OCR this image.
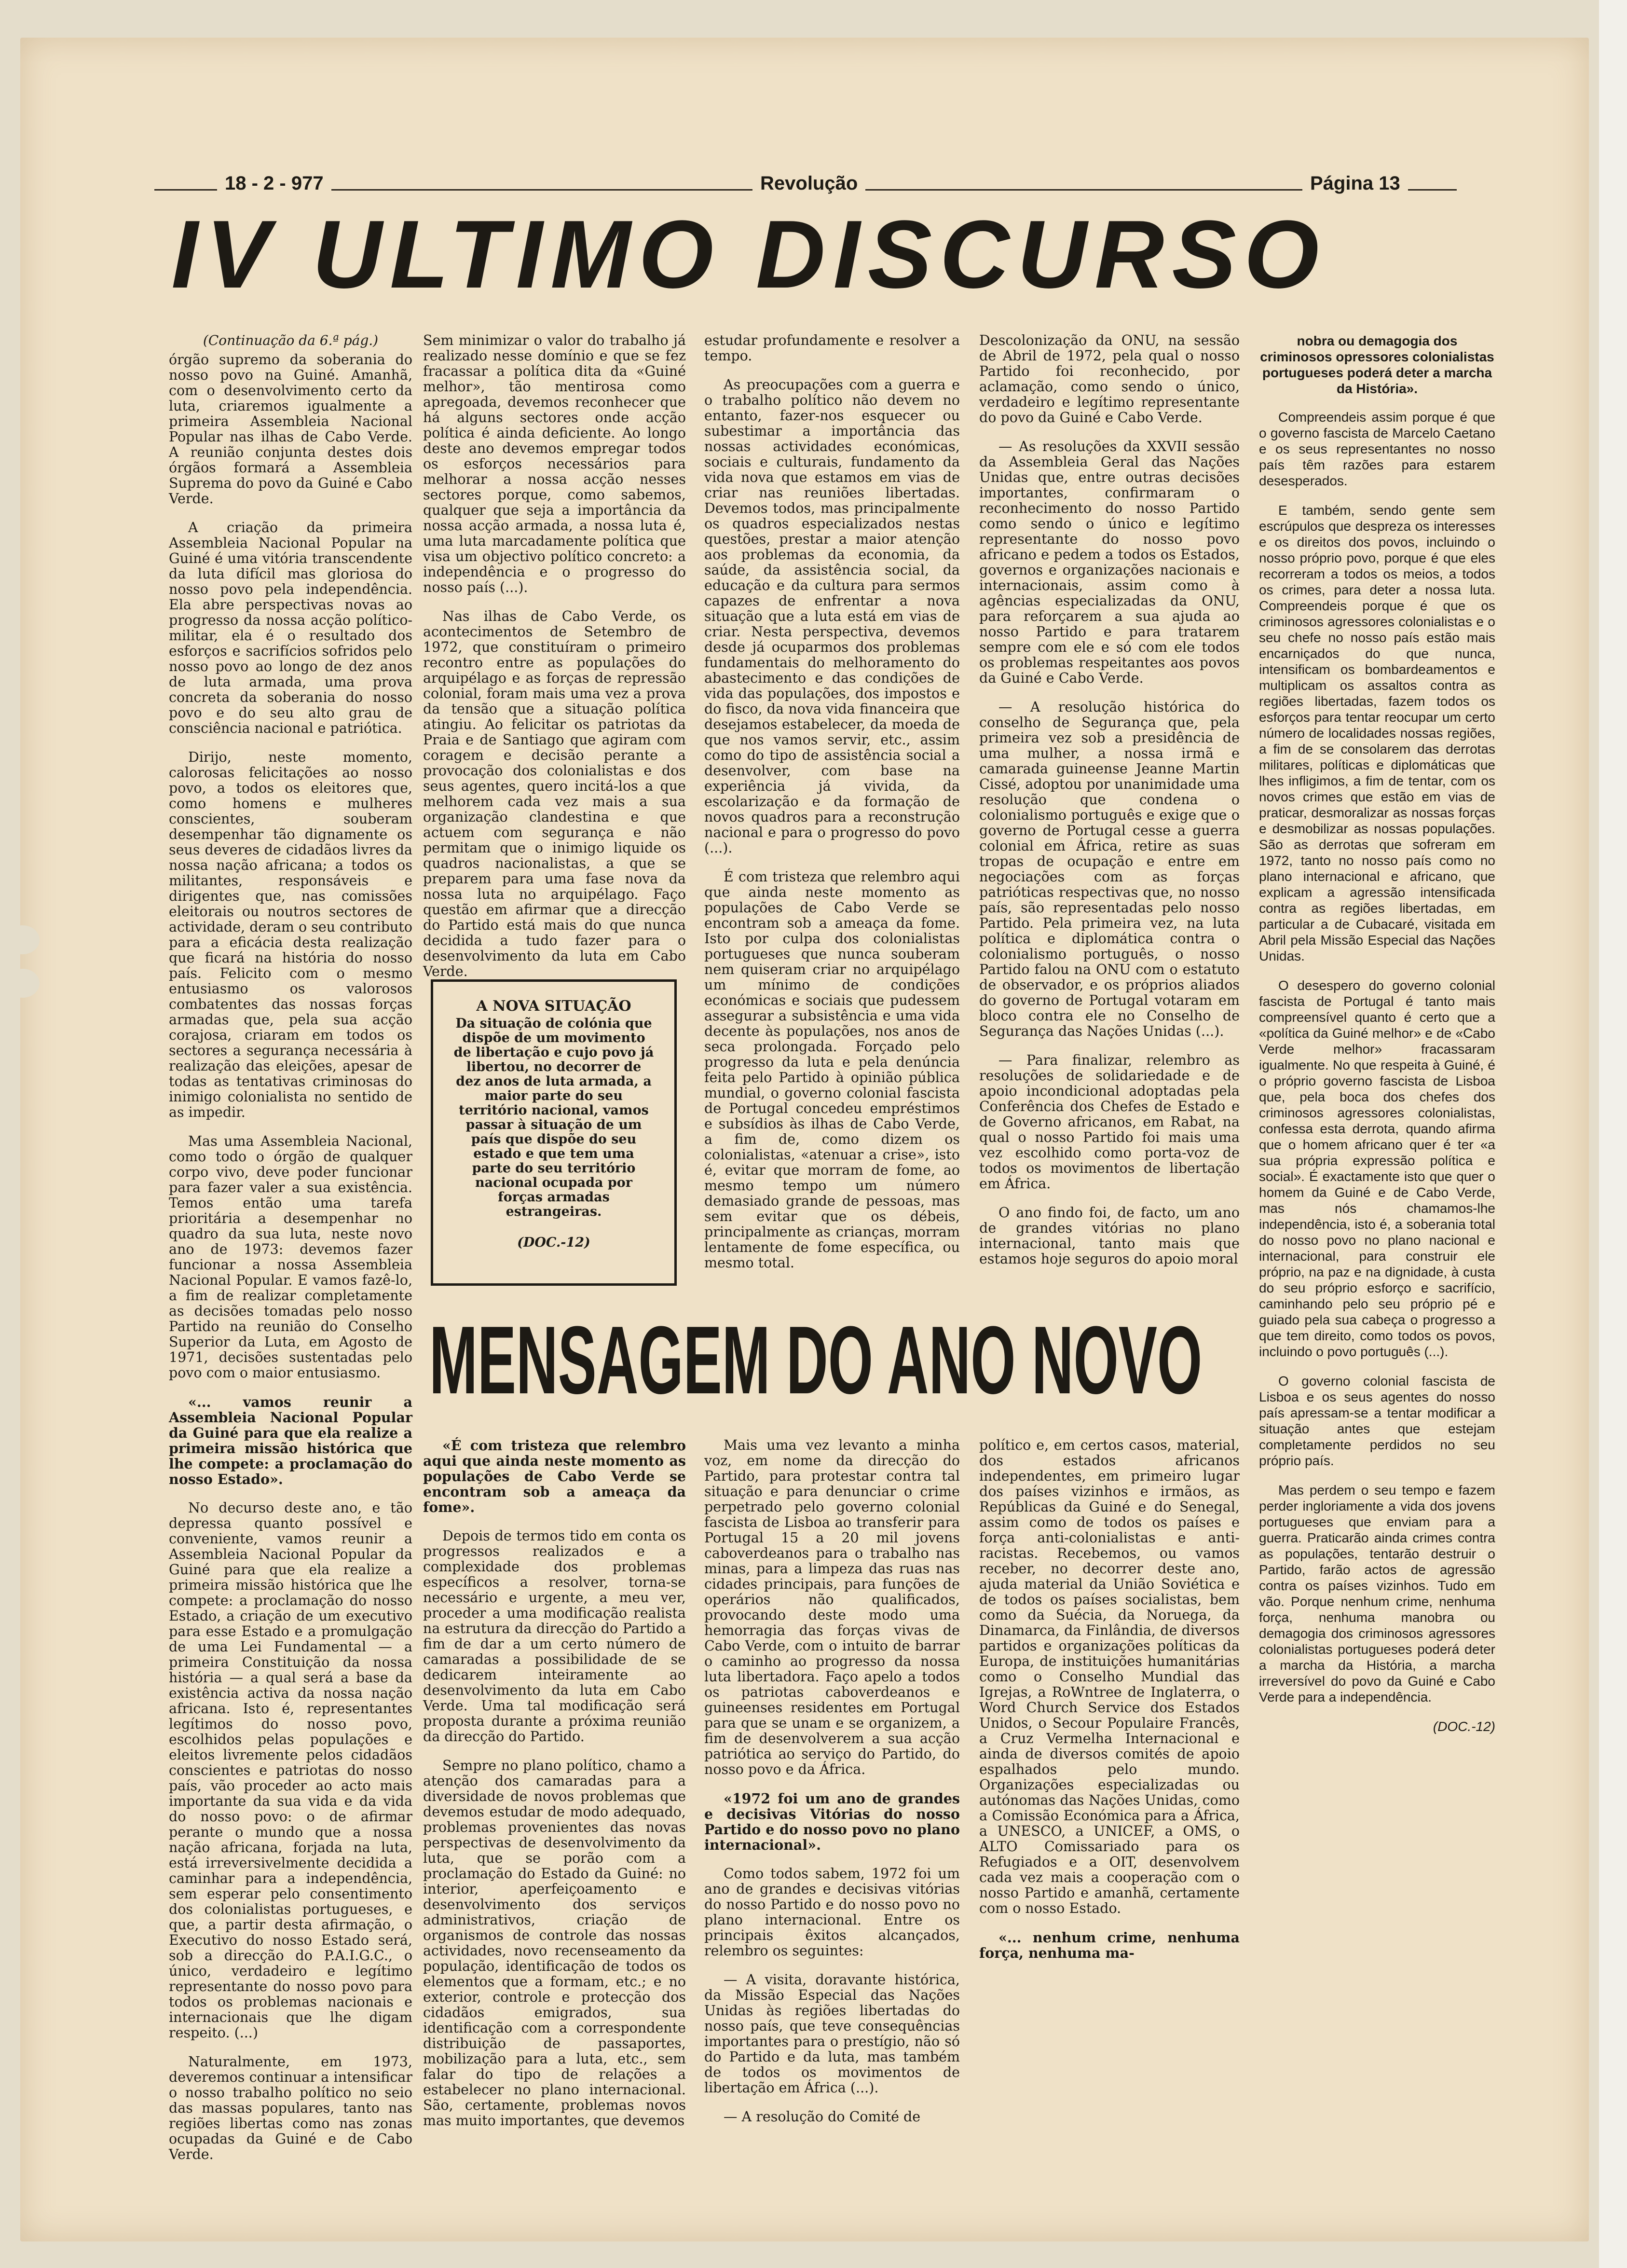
18 - 2 - 977	Revolução	Página 13
IV ULTIMO DISCURSO
(Continuação da 6.ª pág.)

órgão supremo da soberania do nosso povo na Guiné. Amanhã, com o desenvolvimento certo da luta, criaremos igualmente a primeira Assembleia Nacional Popular nas ilhas de Cabo Verde. A reunião conjunta destes dois órgãos formará a Assembleia Suprema do povo da Guiné e Cabo Verde.

A criação da primeira Assembleia Nacional Popular na Guiné é uma vitória transcendente da luta difícil mas gloriosa do nosso povo pela independência. Ela abre perspectivas novas ao progresso da nossa acção político-militar, ela é o resultado dos esforços e sacrifícios sofridos pelo nosso povo ao longo de dez anos de luta armada, uma prova concreta da soberania do nosso povo e do seu alto grau de consciência nacional e patriótica.

Dirijo, neste momento, calorosas felicitações ao nosso povo, a todos os eleitores que, como homens e mulheres conscientes, souberam desempenhar tão dignamente os seus deveres de cidadãos livres da nossa nação africana; a todos os militantes, responsáveis e dirigentes que, nas comissões eleitorais ou noutros sectores de actividade, deram o seu contributo para a eficácia desta realização que ficará na história do nosso país. Felicito com o mesmo entusiasmo os valorosos combatentes das nossas forças armadas que, pela sua acção corajosa, criaram em todos os sectores a segurança necessária à realização das eleições, apesar de todas as tentativas criminosas do inimigo colonialista no sentido de as impedir.

Mas uma Assembleia Nacional, como todo o órgão de qualquer corpo vivo, deve poder funcionar para fazer valer a sua existência. Temos então uma tarefa prioritária a desempenhar no quadro da sua luta, neste novo ano de 1973: devemos fazer funcionar a nossa Assembleia Nacional Popular. E vamos fazê-lo, a fim de realizar completamente as decisões tomadas pelo nosso Partido na reunião do Conselho Superior da Luta, em Agosto de 1971, decisões sustentadas pelo povo com o maior entusiasmo.

«... vamos reunir a Assembleia Nacional Popular da Guiné para que ela realize a primeira missão histórica que lhe compete: a proclamação do nosso Estado».

No decurso deste ano, e tão depressa quanto possível e conveniente, vamos reunir a Assembleia Nacional Popular da Guiné para que ela realize a primeira missão histórica que lhe compete: a proclamação do nosso Estado, a criação de um executivo para esse Estado e a promulgação de uma Lei Fundamental — a primeira Constituição da nossa história — a qual será a base da existência activa da nossa nação africana. Isto é, representantes legítimos do nosso povo, escolhidos pelas populações e eleitos livremente pelos cidadãos conscientes e patriotas do nosso país, vão proceder ao acto mais importante da sua vida e da vida do nosso povo: o de afirmar perante o mundo que a nossa nação africana, forjada na luta, está irreversivelmente decidida a caminhar para a independência, sem esperar pelo consentimento dos colonialistas portugueses, e que, a partir desta afirmação, o Executivo do nosso Estado será, sob a direcção do P.A.I.G.C., o único, verdadeiro e legítimo representante do nosso povo para todos os problemas nacionais e internacionais que lhe digam respeito. (...)

Naturalmente, em 1973, deveremos continuar a intensificar o nosso trabalho político no seio das massas populares, tanto nas regiões libertas como nas zonas ocupadas da Guiné e de Cabo Verde.

Sem minimizar o valor do trabalho já realizado nesse domínio e que se fez fracassar a política dita da «Guiné melhor», tão mentirosa como apregoada, devemos reconhecer que há alguns sectores onde acção política é ainda deficiente. Ao longo deste ano devemos empregar todos os esforços necessários para melhorar a nossa acção nesses sectores porque, como sabemos, qualquer que seja a importância da nossa acção armada, a nossa luta é, uma luta marcadamente política que visa um objectivo político concreto: a independência e o progresso do nosso país (...).

Nas ilhas de Cabo Verde, os acontecimentos de Setembro de 1972, que constituíram o primeiro recontro entre as populações do arquipélago e as forças de repressão colonial, foram mais uma vez a prova da tensão que a situação política atingiu. Ao felicitar os patriotas da Praia e de Santiago que agiram com coragem e decisão perante a provocação dos colonialistas e dos seus agentes, quero incitá-los a que melhorem cada vez mais a sua organização clandestina e que actuem com segurança e não permitam que o inimigo liquide os quadros nacionalistas, a que se preparem para uma fase nova da nossa luta no arquipélago. Faço questão em afirmar que a direcção do Partido está mais do que nunca decidida a tudo fazer para o desenvolvimento da luta em Cabo Verde.

A NOVA SITUAÇÃO

Da situação de colónia que dispõe de um movimento de libertação e cujo povo já libertou, no decorrer de dez anos de luta armada, a maior parte do seu território nacional, vamos passar à situação de um país que dispõe do seu estado e que tem uma parte do seu território nacional ocupada por forças armadas estrangeiras.

(DOC.-12)

estudar profundamente e resolver a tempo.

As preocupações com a guerra e o trabalho político não devem no entanto, fazer-nos esquecer ou subestimar a importância das nossas actividades económicas, sociais e culturais, fundamento da vida nova que estamos em vias de criar nas reuniões libertadas. Devemos todos, mas principalmente os quadros especializados nestas questões, prestar a maior atenção aos problemas da economia, da saúde, da assistência social, da educação e da cultura para sermos capazes de enfrentar a nova situação que a luta está em vias de criar. Nesta perspectiva, devemos desde já ocuparmos dos problemas fundamentais do melhoramento do abastecimento e das condições de vida das populações, dos impostos e do fisco, da nova vida financeira que desejamos estabelecer, da moeda de que nos vamos servir, etc., assim como do tipo de assistência social a desenvolver, com base na experiência já vivida, da escolarização e da formação de novos quadros para a reconstrução nacional e para o progresso do povo (...).

É com tristeza que relembro aqui que ainda neste momento as populações de Cabo Verde se encontram sob a ameaça da fome. Isto por culpa dos colonialistas portugueses que nunca souberam nem quiseram criar no arquipélago um mínimo de condições económicas e sociais que pudessem assegurar a subsistência e uma vida decente às populações, nos anos de seca prolongada. Forçado pelo progresso da luta e pela denúncia feita pelo Partido à opinião pública mundial, o governo colonial fascista de Portugal concedeu empréstimos e subsídios às ilhas de Cabo Verde, a fim de, como dizem os colonialistas, «atenuar a crise», isto é, evitar que morram de fome, ao mesmo tempo um número demasiado grande de pessoas, mas sem evitar que os débeis, principalmente as crianças, morram lentamente de fome específica, ou mesmo total.

Descolonização da ONU, na sessão de Abril de 1972, pela qual o nosso Partido foi reconhecido, por aclamação, como sendo o único, verdadeiro e legítimo representante do povo da Guiné e Cabo Verde.

— As resoluções da XXVII sessão da Assembleia Geral das Nações Unidas que, entre outras decisões importantes, confirmaram o reconhecimento do nosso Partido como sendo o único e legítimo representante do nosso povo africano e pedem a todos os Estados, governos e organizações nacionais e internacionais, assim como à agências especializadas da ONU, para reforçarem a sua ajuda ao nosso Partido e para tratarem sempre com ele e só com ele todos os problemas respeitantes aos povos da Guiné e Cabo Verde.

— A resolução histórica do conselho de Segurança que, pela primeira vez sob a presidência de uma mulher, a nossa irmã e camarada guineense Jeanne Martin Cissé, adoptou por unanimidade uma resolução que condena o colonialismo português e exige que o governo de Portugal cesse a guerra colonial em África, retire as suas tropas de ocupação e entre em negociações com as forças patrióticas respectivas que, no nosso país, são representadas pelo nosso Partido. Pela primeira vez, na luta política e diplomática contra o colonialismo português, o nosso Partido falou na ONU com o estatuto de observador, e os próprios aliados do governo de Portugal votaram em bloco contra ele no Conselho de Segurança das Nações Unidas (...).

— Para finalizar, relembro as resoluções de solidariedade e de apoio incondicional adoptadas pela Conferência dos Chefes de Estado e de Governo africanos, em Rabat, na qual o nosso Partido foi mais uma vez escolhido como porta-voz de todos os movimentos de libertação em África.

O ano findo foi, de facto, um ano de grandes vitórias no plano internacional, tanto mais que estamos hoje seguros do apoio moral

MENSAGEM DO ANO NOVO

«É com tristeza que relembro aqui que ainda neste momento as populações de Cabo Verde se encontram sob a ameaça da fome».

Depois de termos tido em conta os progressos realizados e a complexidade dos problemas específicos a resolver, torna-se necessário e urgente, a meu ver, proceder a uma modificação realista na estrutura da direcção do Partido a fim de dar a um certo número de camaradas a possibilidade de se dedicarem inteiramente ao desenvolvimento da luta em Cabo Verde. Uma tal modificação será proposta durante a próxima reunião da direcção do Partido.

Sempre no plano político, chamo a atenção dos camaradas para a diversidade de novos problemas que devemos estudar de modo adequado, problemas provenientes das novas perspectivas de desenvolvimento da luta, que se porão com a proclamação do Estado da Guiné: no interior, aperfeiçoamento e desenvolvimento dos serviços administrativos, criação de organismos de controle das nossas actividades, novo recenseamento da população, identificação de todos os elementos que a formam, etc.; e no exterior, controle e protecção dos cidadãos emigrados, sua identificação com a correspondente distribuição de passaportes, mobilização para a luta, etc., sem falar do tipo de relações a estabelecer no plano internacional. São, certamente, problemas novos mas muito importantes, que devemos

Mais uma vez levanto a minha voz, em nome da direcção do Partido, para protestar contra tal situação e para denunciar o crime perpetrado pelo governo colonial fascista de Lisboa ao transferir para Portugal 15 a 20 mil jovens caboverdeanos para o trabalho nas minas, para a limpeza das ruas nas cidades principais, para funções de operários não qualificados, provocando deste modo uma hemorragia das forças vivas de Cabo Verde, com o intuito de barrar o caminho ao progresso da nossa luta libertadora. Faço apelo a todos os patriotas caboverdeanos e guineenses residentes em Portugal para que se unam e se organizem, a fim de desenvolverem a sua acção patriótica ao serviço do Partido, do nosso povo e da África.

«1972 foi um ano de grandes e decisivas Vitórias do nosso Partido e do nosso povo no plano internacional».

Como todos sabem, 1972 foi um ano de grandes e decisivas vitórias do nosso Partido e do nosso povo no plano internacional. Entre os principais êxitos alcançados, relembro os seguintes:

— A visita, doravante histórica, da Missão Especial das Nações Unidas às regiões libertadas do nosso país, que teve consequências importantes para o prestígio, não só do Partido e da luta, mas também de todos os movimentos de libertação em África (...).

— A resolução do Comité de

político e, em certos casos, material, dos estados africanos independentes, em primeiro lugar dos países vizinhos e irmãos, as Repúblicas da Guiné e do Senegal, assim como de todos os países e força anti-colonialistas e anti-racistas. Recebemos, ou vamos receber, no decorrer deste ano, ajuda material da União Soviética e de todos os países socialistas, bem como da Suécia, da Noruega, da Dinamarca, da Finlândia, de diversos partidos e organizações políticas da Europa, de instituições humanitárias como o Conselho Mundial das Igrejas, a RoWntree de Inglaterra, o Word Church Service dos Estados Unidos, o Secour Populaire Francês, a Cruz Vermelha Internacional e ainda de diversos comités de apoio espalhados pelo mundo. Organizações especializadas ou autónomas das Nações Unidas, como a Comissão Económica para a África, a UNESCO, a UNICEF, a OMS, o ALTO Comissariado para os Refugiados e a OIT, desenvolvem cada vez mais a cooperação com o nosso Partido e amanhã, certamente com o nosso Estado.

«... nenhum crime, nenhuma força, nenhuma ma-

nobra ou demagogia dos criminosos opressores colonialistas portugueses poderá deter a marcha da História».

Compreendeis assim porque é que o governo fascista de Marcelo Caetano e os seus representantes no nosso país têm razões para estarem desesperados.

E também, sendo gente sem escrúpulos que despreza os interesses e os direitos dos povos, incluindo o nosso próprio povo, porque é que eles recorreram a todos os meios, a todos os crimes, para deter a nossa luta. Compreendeis porque é que os criminosos agressores colonialistas e o seu chefe no nosso país estão mais encarniçados do que nunca, intensificam os bombardeamentos e multiplicam os assaltos contra as regiões libertadas, fazem todos os esforços para tentar reocupar um certo número de localidades nossas regiões, a fim de se consolarem das derrotas militares, políticas e diplomáticas que lhes infligimos, a fim de tentar, com os novos crimes que estão em vias de praticar, desmoralizar as nossas forças e desmobilizar as nossas populações. São as derrotas que sofreram em 1972, tanto no nosso país como no plano internacional e africano, que explicam a agressão intensificada contra as regiões libertadas, em particular a de Cubacaré, visitada em Abril pela Missão Especial das Nações Unidas.

O desespero do governo colonial fascista de Portugal é tanto mais compreensível quanto é certo que a «política da Guiné melhor» e de «Cabo Verde melhor» fracassaram igualmente. No que respeita à Guiné, é o próprio governo fascista de Lisboa que, pela boca dos chefes dos criminosos agressores colonialistas, confessa esta derrota, quando afirma que o homem africano quer é ter «a sua própria expressão política e social». É exactamente isto que quer o homem da Guiné e de Cabo Verde, mas nós chamamos-lhe independência, isto é, a soberania total do nosso povo no plano nacional e internacional, para construir ele próprio, na paz e na dignidade, à custa do seu próprio esforço e sacrifício, caminhando pelo seu próprio pé e guiado pela sua cabeça o progresso a que tem direito, como todos os povos, incluindo o povo português (...).

O governo colonial fascista de Lisboa e os seus agentes do nosso país apressam-se a tentar modificar a situação antes que estejam completamente perdidos no seu próprio país.

Mas perdem o seu tempo e fazem perder ingloriamente a vida dos jovens portugueses que enviam para a guerra. Praticarão ainda crimes contra as populações, tentarão destruir o Partido, farão actos de agressão contra os países vizinhos. Tudo em vão. Porque nenhum crime, nenhuma força, nenhuma manobra ou demagogia dos criminosos agressores colonialistas portugueses poderá deter a marcha da História, a marcha irreversível do povo da Guiné e Cabo Verde para a independência.

(DOC.-12)
